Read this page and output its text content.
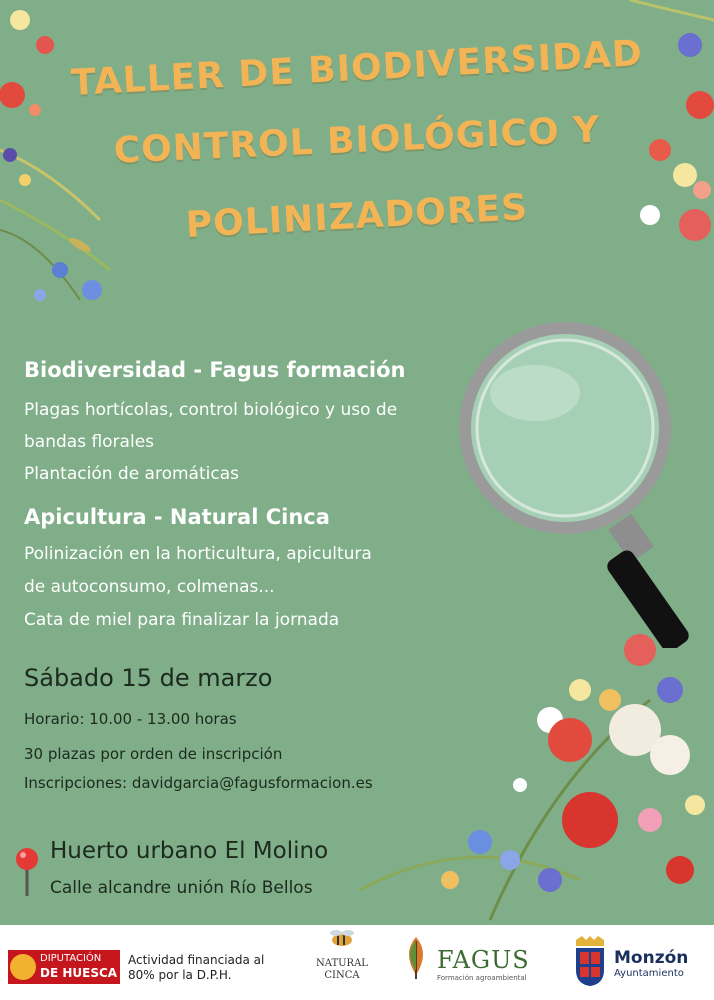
TALLER DE BIODIVERSIDAD
CONTROL BIOLÓGICO Y
POLINIZADORES
Biodiversidad - Fagus formación
Plagas hortícolas, control biológico y uso de
bandas florales
Plantación de aromáticas
Apicultura - Natural Cinca
Polinización en la horticultura, apicultura
de autoconsumo, colmenas...
Cata de miel para finalizar la jornada
Sábado 15 de marzo
Horario: 10.00 - 13.00 horas
30 plazas por orden de inscripción
Inscripciones: davidgarcia@fagusformacion.es
Huerto urbano El Molino
Calle alcandre unión Río Bellos
DIPUTACIÓN
DE HUESCA
Actividad financiada al
80% por la D.P.H.
NATURAL
CINCA
FAGUS
Formación agroambiental
Monzón
Ayuntamiento
